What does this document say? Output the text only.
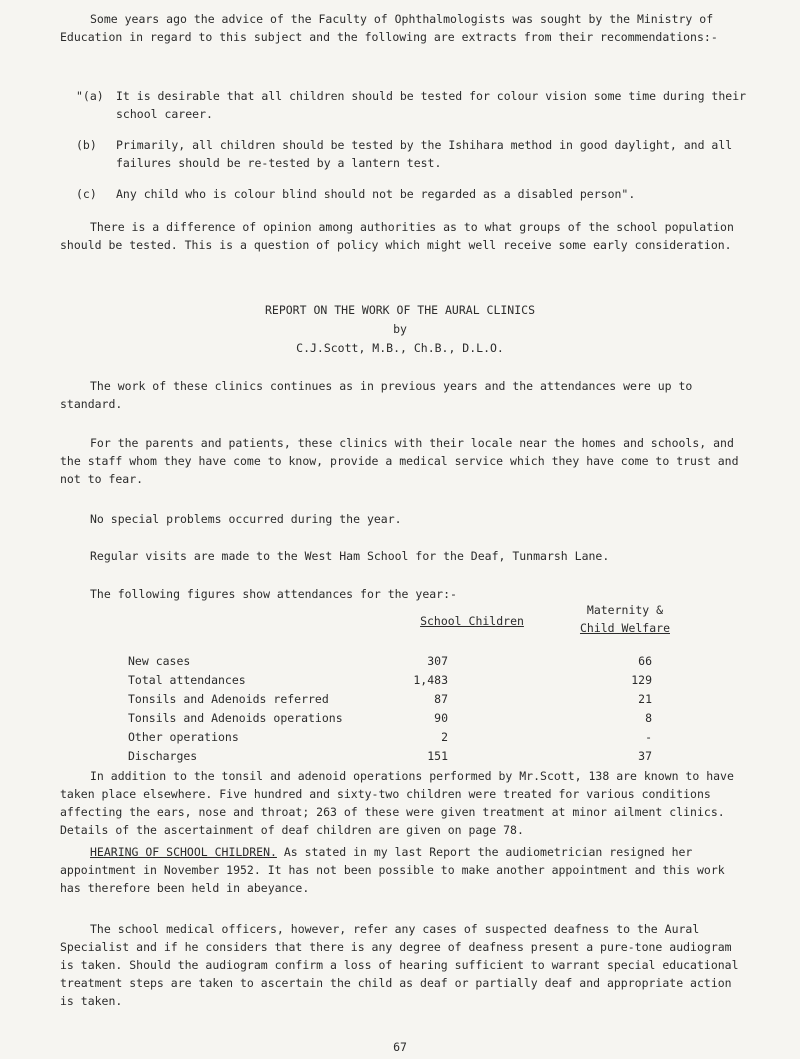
Some years ago the advice of the Faculty of Ophthalmologists was sought by the Ministry of Education in regard to this subject and the following are extracts from their recommendations:-

"(a) It is desirable that all children should be tested for colour vision some time during their school career.
(b) Primarily, all children should be tested by the Ishihara method in good daylight, and all failures should be re-tested by a lantern test.
(c) Any child who is colour blind should not be regarded as a disabled person".

There is a difference of opinion among authorities as to what groups of the school population should be tested. This is a question of policy which might well receive some early consideration.

REPORT ON THE WORK OF THE AURAL CLINICS

by

C.J.Scott, M.B., Ch.B., D.L.O.

The work of these clinics continues as in previous years and the attendances were up to standard.

For the parents and patients, these clinics with their locale near the homes and schools, and the staff whom they have come to know, provide a medical service which they have come to trust and not to fear.

No special problems occurred during the year.

Regular visits are made to the West Ham School for the Deaf, Tunmarsh Lane.

The following figures show attendances for the year:-

School Children
Maternity &
Child Welfare
New cases	307	66
Total attendances	1,483	129
Tonsils and Adenoids referred	87	21
Tonsils and Adenoids operations	90	8
Other operations	2	-
Discharges	151	37

In addition to the tonsil and adenoid operations performed by Mr.Scott, 138 are known to have taken place elsewhere. Five hundred and sixty-two children were treated for various conditions affecting the ears, nose and throat; 263 of these were given treatment at minor ailment clinics. Details of the ascertainment of deaf children are given on page 78.

HEARING OF SCHOOL CHILDREN. As stated in my last Report the audiometrician resigned her appointment in November 1952. It has not been possible to make another appointment and this work has therefore been held in abeyance.

The school medical officers, however, refer any cases of suspected deafness to the Aural Specialist and if he considers that there is any degree of deafness present a pure-tone audiogram is taken. Should the audiogram confirm a loss of hearing sufficient to warrant special educational treatment steps are taken to ascertain the child as deaf or partially deaf and appropriate action is taken.

67
